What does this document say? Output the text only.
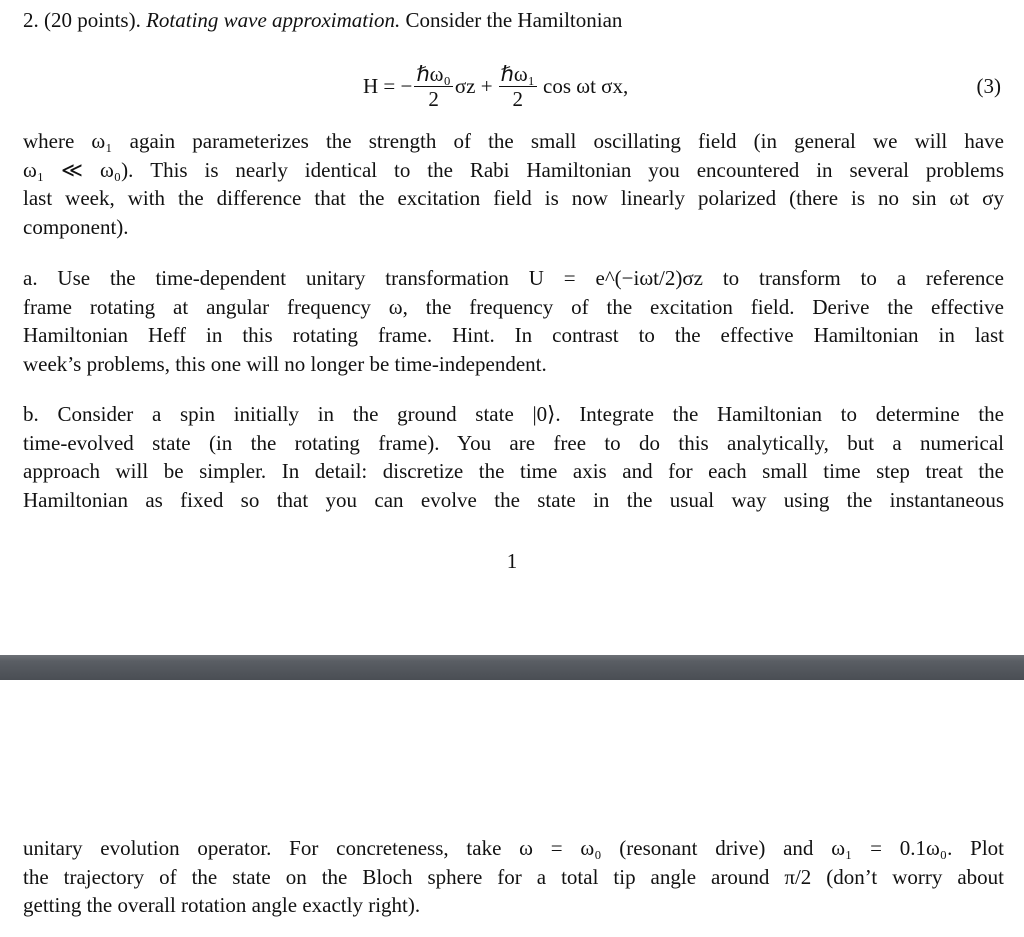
2. (20 points). Rotating wave approximation. Consider the Hamiltonian
H = − $\frac{\text{ℏω₀}}{2}$ $\sigma z + \frac{\text{ℏω₁}}{2}$ cos ωt σx,	(3)
where ω₁ again parameterizes the strength of the small oscillating field (in general we will have
ω₁ ≪ ω₀). This is nearly identical to the Rabi Hamiltonian you encountered in several problems
last week, with the difference that the excitation field is now linearly polarized (there is no sin ωt σy
component).
a. Use the time-dependent unitary transformation U = e^(−iωt/2)σz to transform to a reference
frame rotating at angular frequency ω, the frequency of the excitation field. Derive the effective
Hamiltonian Heff in this rotating frame. Hint. In contrast to the effective Hamiltonian in last
week’s problems, this one will no longer be time-independent.
b. Consider a spin initially in the ground state |0⟩. Integrate the Hamiltonian to determine the
time-evolved state (in the rotating frame). You are free to do this analytically, but a numerical
approach will be simpler. In detail: discretize the time axis and for each small time step treat the
Hamiltonian as fixed so that you can evolve the state in the usual way using the instantaneous
1
unitary evolution operator. For concreteness, take ω = ω₀ (resonant drive) and ω₁ = 0.1ω₀. Plot
the trajectory of the state on the Bloch sphere for a total tip angle around π/2 (don’t worry about
getting the overall rotation angle exactly right).
